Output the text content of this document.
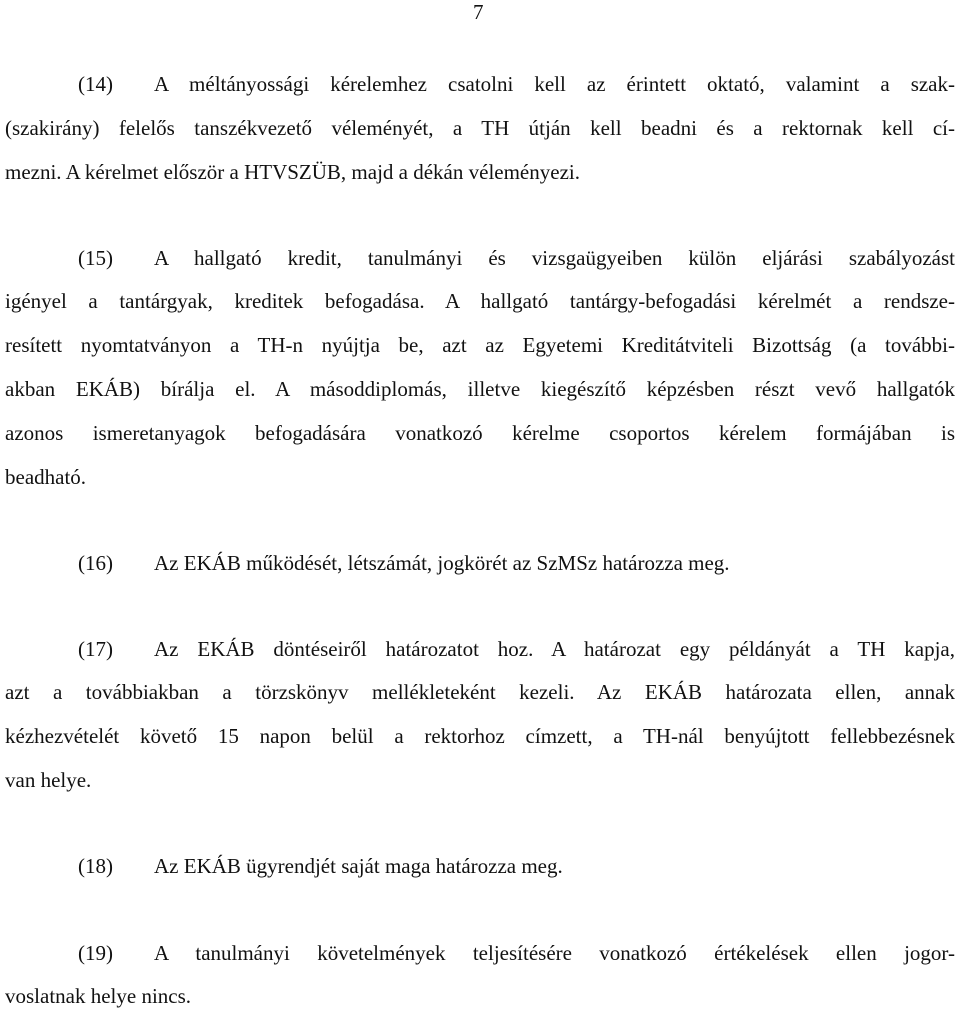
7
(14)	A méltányossági kérelemhez csatolni kell az érintett oktató, valamint a szak-
(szakirány) felelős tanszékvezető véleményét, a TH útján kell beadni és a rektornak kell cí-
mezni. A kérelmet először a HTVSZÜB, majd a dékán véleményezi.
(15)	A hallgató kredit, tanulmányi és vizsgaügyeiben külön eljárási szabályozást
igényel a tantárgyak, kreditek befogadása. A hallgató tantárgy-befogadási kérelmét a rendsze-
resített nyomtatványon a TH-n nyújtja be, azt az Egyetemi Kreditátviteli Bizottság (a további-
akban EKÁB) bírálja el. A másoddiplomás, illetve kiegészítő képzésben részt vevő hallgatók
azonos ismeretanyagok befogadására vonatkozó kérelme csoportos kérelem formájában is
beadható.
(16)	Az EKÁB működését, létszámát, jogkörét az SzMSz határozza meg.
(17)	Az EKÁB döntéseiről határozatot hoz. A határozat egy példányát a TH kapja,
azt a továbbiakban a törzskönyv mellékleteként kezeli. Az EKÁB határozata ellen, annak
kézhezvételét követő 15 napon belül a rektorhoz címzett, a TH-nál benyújtott fellebbezésnek
van helye.
(18)	Az EKÁB ügyrendjét saját maga határozza meg.
(19)	A tanulmányi követelmények teljesítésére vonatkozó értékelések ellen jogor-
voslatnak helye nincs.
